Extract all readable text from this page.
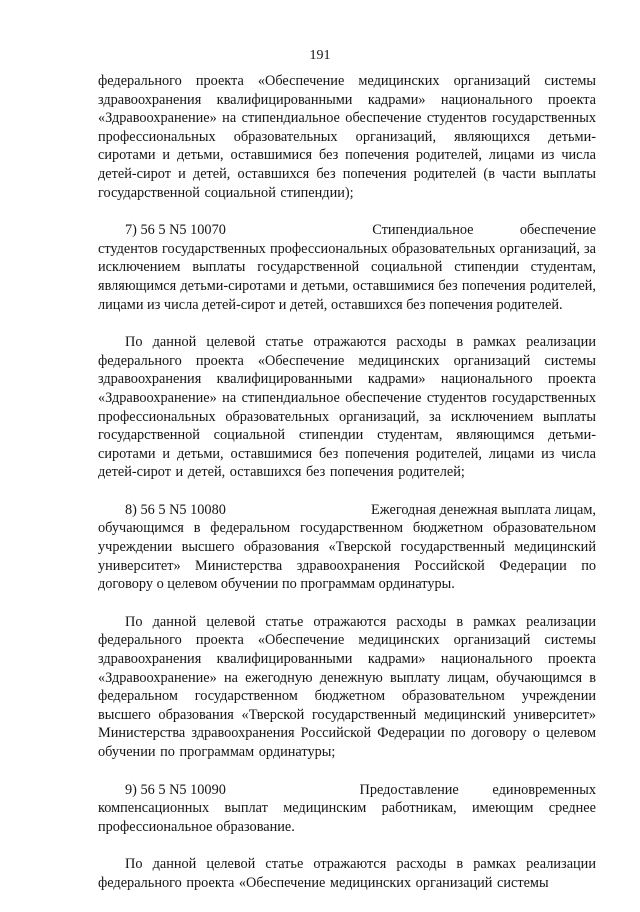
191

федерального проекта «Обеспечение медицинских организаций системы здравоохранения квалифицированными кадрами» национального проекта «Здравоохранение» на стипендиальное обеспечение студентов государственных профессиональных образовательных организаций, являющихся детьми-сиротами и детьми, оставшимися без попечения родителей, лицами из числа детей-сирот и детей, оставшихся без попечения родителей (в части выплаты государственной социальной стипендии);

7) 56 5 N5 10070	Стипендиальное	обеспечение
студентов государственных профессиональных образовательных организаций, за исключением выплаты государственной социальной стипендии студентам, являющимся детьми-сиротами и детьми, оставшимися без попечения родителей, лицами из числа детей-сирот и детей, оставшихся без попечения родителей.

По данной целевой статье отражаются расходы в рамках реализации федерального проекта «Обеспечение медицинских организаций системы здравоохранения квалифицированными кадрами» национального проекта «Здравоохранение» на стипендиальное обеспечение студентов государственных профессиональных образовательных организаций, за исключением выплаты государственной социальной стипендии студентам, являющимся детьми-сиротами и детьми, оставшимися без попечения родителей, лицами из числа детей-сирот и детей, оставшихся без попечения родителей;

8) 56 5 N5 10080	Ежегодная денежная выплата лицам,
обучающимся в федеральном государственном бюджетном образовательном учреждении высшего образования «Тверской государственный медицинский университет» Министерства здравоохранения Российской Федерации по договору о целевом обучении по программам ординатуры.

По данной целевой статье отражаются расходы в рамках реализации федерального проекта «Обеспечение медицинских организаций системы здравоохранения квалифицированными кадрами» национального проекта «Здравоохранение» на ежегодную денежную выплату лицам, обучающимся в федеральном государственном бюджетном образовательном учреждении высшего образования «Тверской государственный медицинский университет» Министерства здравоохранения Российской Федерации по договору о целевом обучении по программам ординатуры;

9) 56 5 N5 10090	Предоставление единовременных
компенсационных выплат медицинским работникам, имеющим среднее профессиональное образование.

По данной целевой статье отражаются расходы в рамках реализации федерального проекта «Обеспечение медицинских организаций системы
